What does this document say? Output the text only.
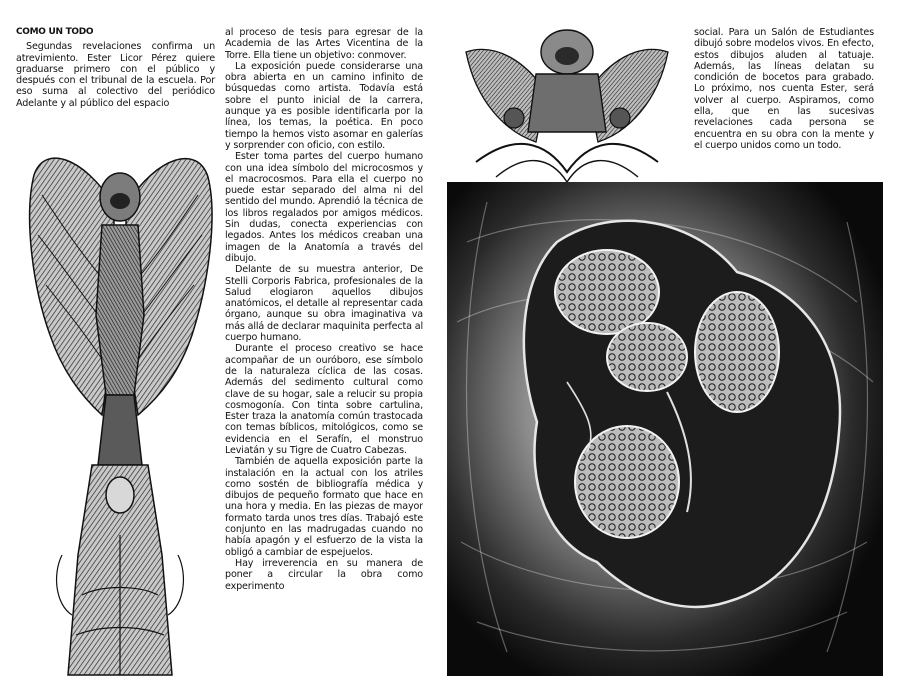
COMO UN TODO

Segundas revelaciones confirma un atrevimiento. Ester Licor Pérez quiere graduarse primero con el público y después con el tribunal de la escuela. Por eso suma al colectivo del periódico Adelante y al público del espacio

al proceso de tesis para egresar de la Academia de las Artes Vicentina de la Torre. Ella tiene un objetivo: conmover.

La exposición puede considerarse una obra abierta en un camino infinito de búsquedas como artista. Todavía está sobre el punto inicial de la carrera, aunque ya es posible identificarla por la línea, los temas, la poética. En poco tiempo la hemos visto asomar en galerías y sorprender con oficio, con estilo.

Ester toma partes del cuerpo humano con una idea símbolo del microcosmos y el macrocosmos. Para ella el cuerpo no puede estar separado del alma ni del sentido del mundo. Aprendió la técnica de los libros regalados por amigos médicos. Sin dudas, conecta experiencias con legados. Antes los médicos creaban una imagen de la Anatomía a través del dibujo.

Delante de su muestra anterior, De Stelli Corporis Fabrica, profesionales de la Salud elogiaron aquellos dibujos anatómicos, el detalle al representar cada órgano, aunque su obra imaginativa va más allá de declarar maquinita perfecta al cuerpo humano.

Durante el proceso creativo se hace acompañar de un ouróboro, ese símbolo de la naturaleza cíclica de las cosas. Además del sedimento cultural como clave de su hogar, sale a relucir su propia cosmogonía. Con tinta sobre cartulina, Ester traza la anatomía común trastocada con temas bíblicos, mitológicos, como se evidencia en el Serafín, el monstruo Leviatán y su Tigre de Cuatro Cabezas.

También de aquella exposición parte la instalación en la actual con los atriles como sostén de bibliografía médica y dibujos de pequeño formato que hace en una hora y media. En las piezas de mayor formato tarda unos tres días. Trabajó este conjunto en las madrugadas cuando no había apagón y el esfuerzo de la vista la obligó a cambiar de espejuelos.

Hay irreverencia en su manera de poner a circular la obra como experimento

social. Para un Salón de Estudiantes dibujó sobre modelos vivos. En efecto, estos dibujos aluden al tatuaje. Además, las líneas delatan su condición de bocetos para grabado. Lo próximo, nos cuenta Ester, será volver al cuerpo. Aspiramos, como ella, que en las sucesivas revelaciones cada persona se encuentra en su obra con la mente y el cuerpo unidos como un todo.
